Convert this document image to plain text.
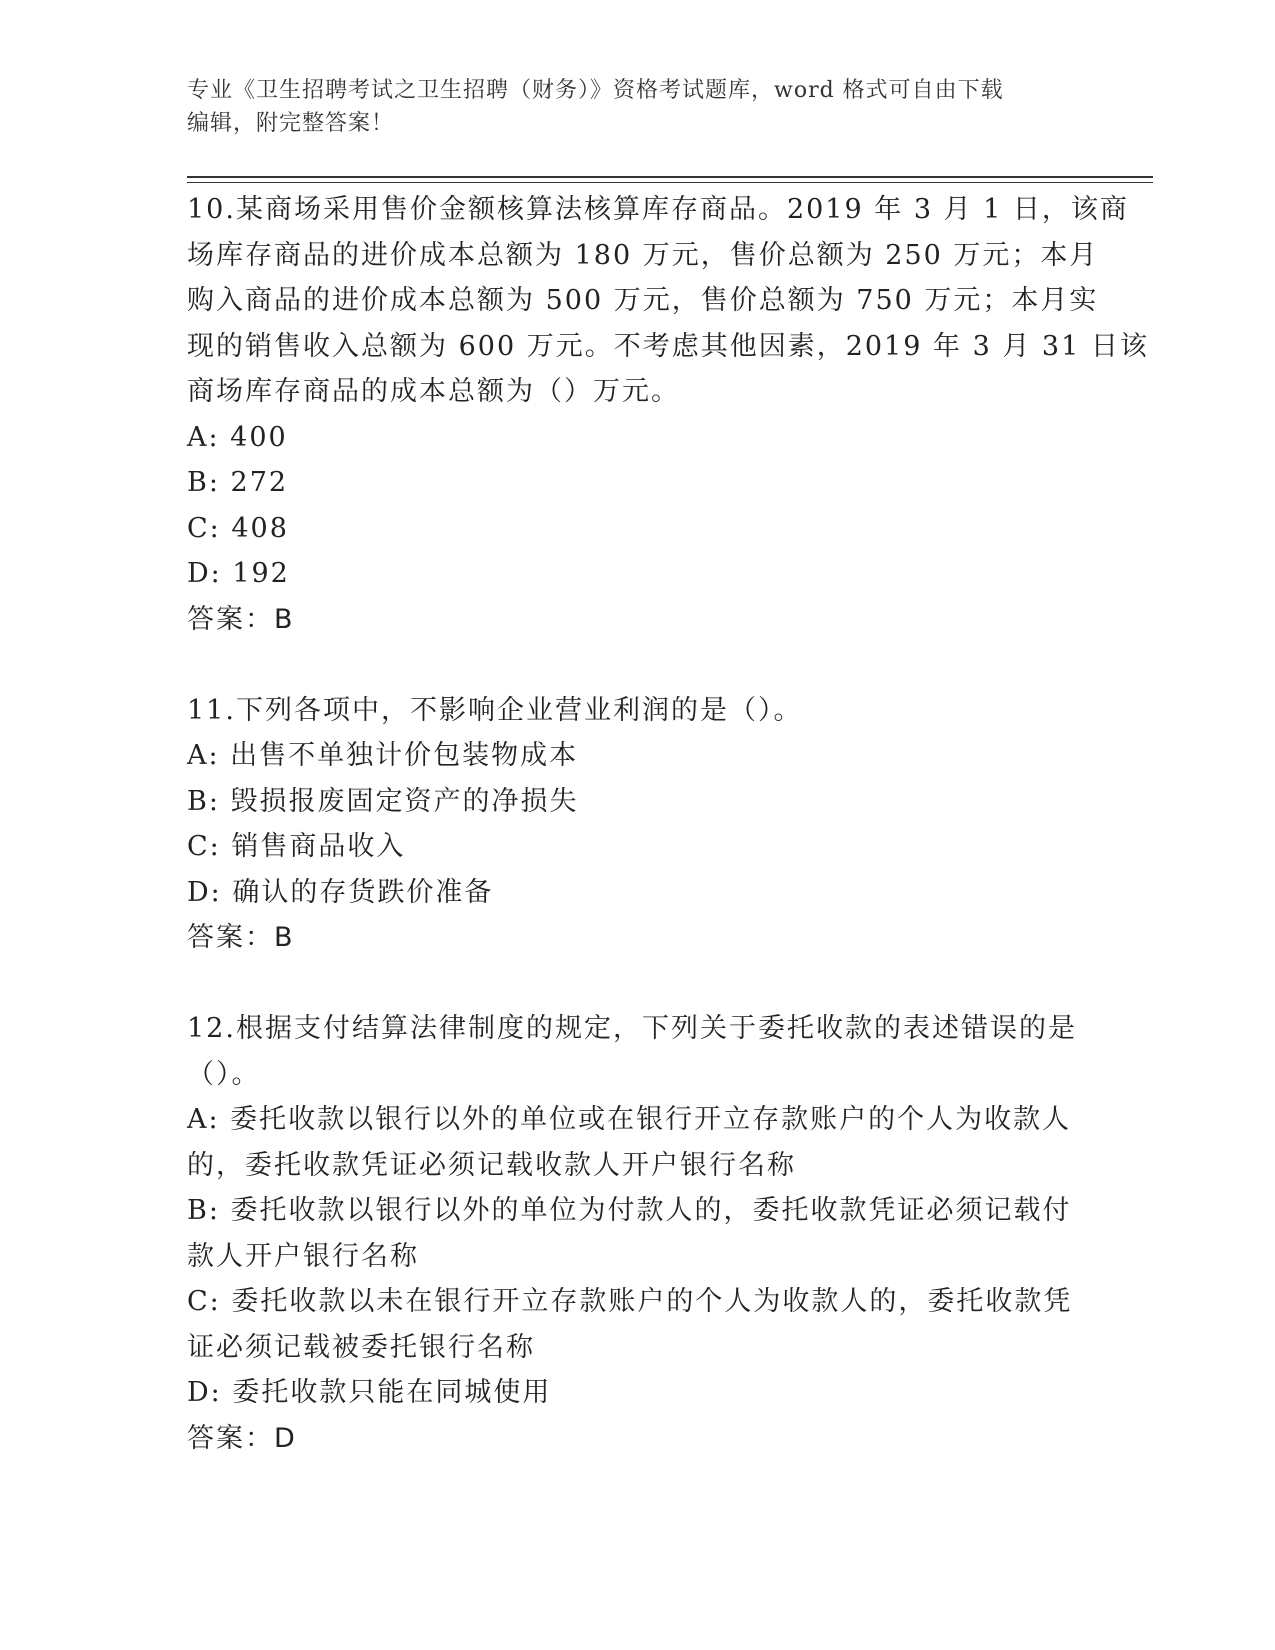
专业《卫生招聘考试之卫生招聘（财务）》资格考试题库，word 格式可自由下载
编辑，附完整答案！
10.某商场采用售价金额核算法核算库存商品。2019 年 3 月 1 日，该商
场库存商品的进价成本总额为 180 万元，售价总额为 250 万元；本月
购入商品的进价成本总额为 500 万元，售价总额为 750 万元；本月实
现的销售收入总额为 600 万元。不考虑其他因素，2019 年 3 月 31 日该
商场库存商品的成本总额为（）万元。
A: 400
B: 272
C: 408
D: 192
答案：B
11.下列各项中，不影响企业营业利润的是（）。
A: 出售不单独计价包装物成本
B: 毁损报废固定资产的净损失
C: 销售商品收入
D: 确认的存货跌价准备
答案：B
12.根据支付结算法律制度的规定，下列关于委托收款的表述错误的是
（）。
A: 委托收款以银行以外的单位或在银行开立存款账户的个人为收款人
的，委托收款凭证必须记载收款人开户银行名称
B: 委托收款以银行以外的单位为付款人的，委托收款凭证必须记载付
款人开户银行名称
C: 委托收款以未在银行开立存款账户的个人为收款人的，委托收款凭
证必须记载被委托银行名称
D: 委托收款只能在同城使用
答案：D
